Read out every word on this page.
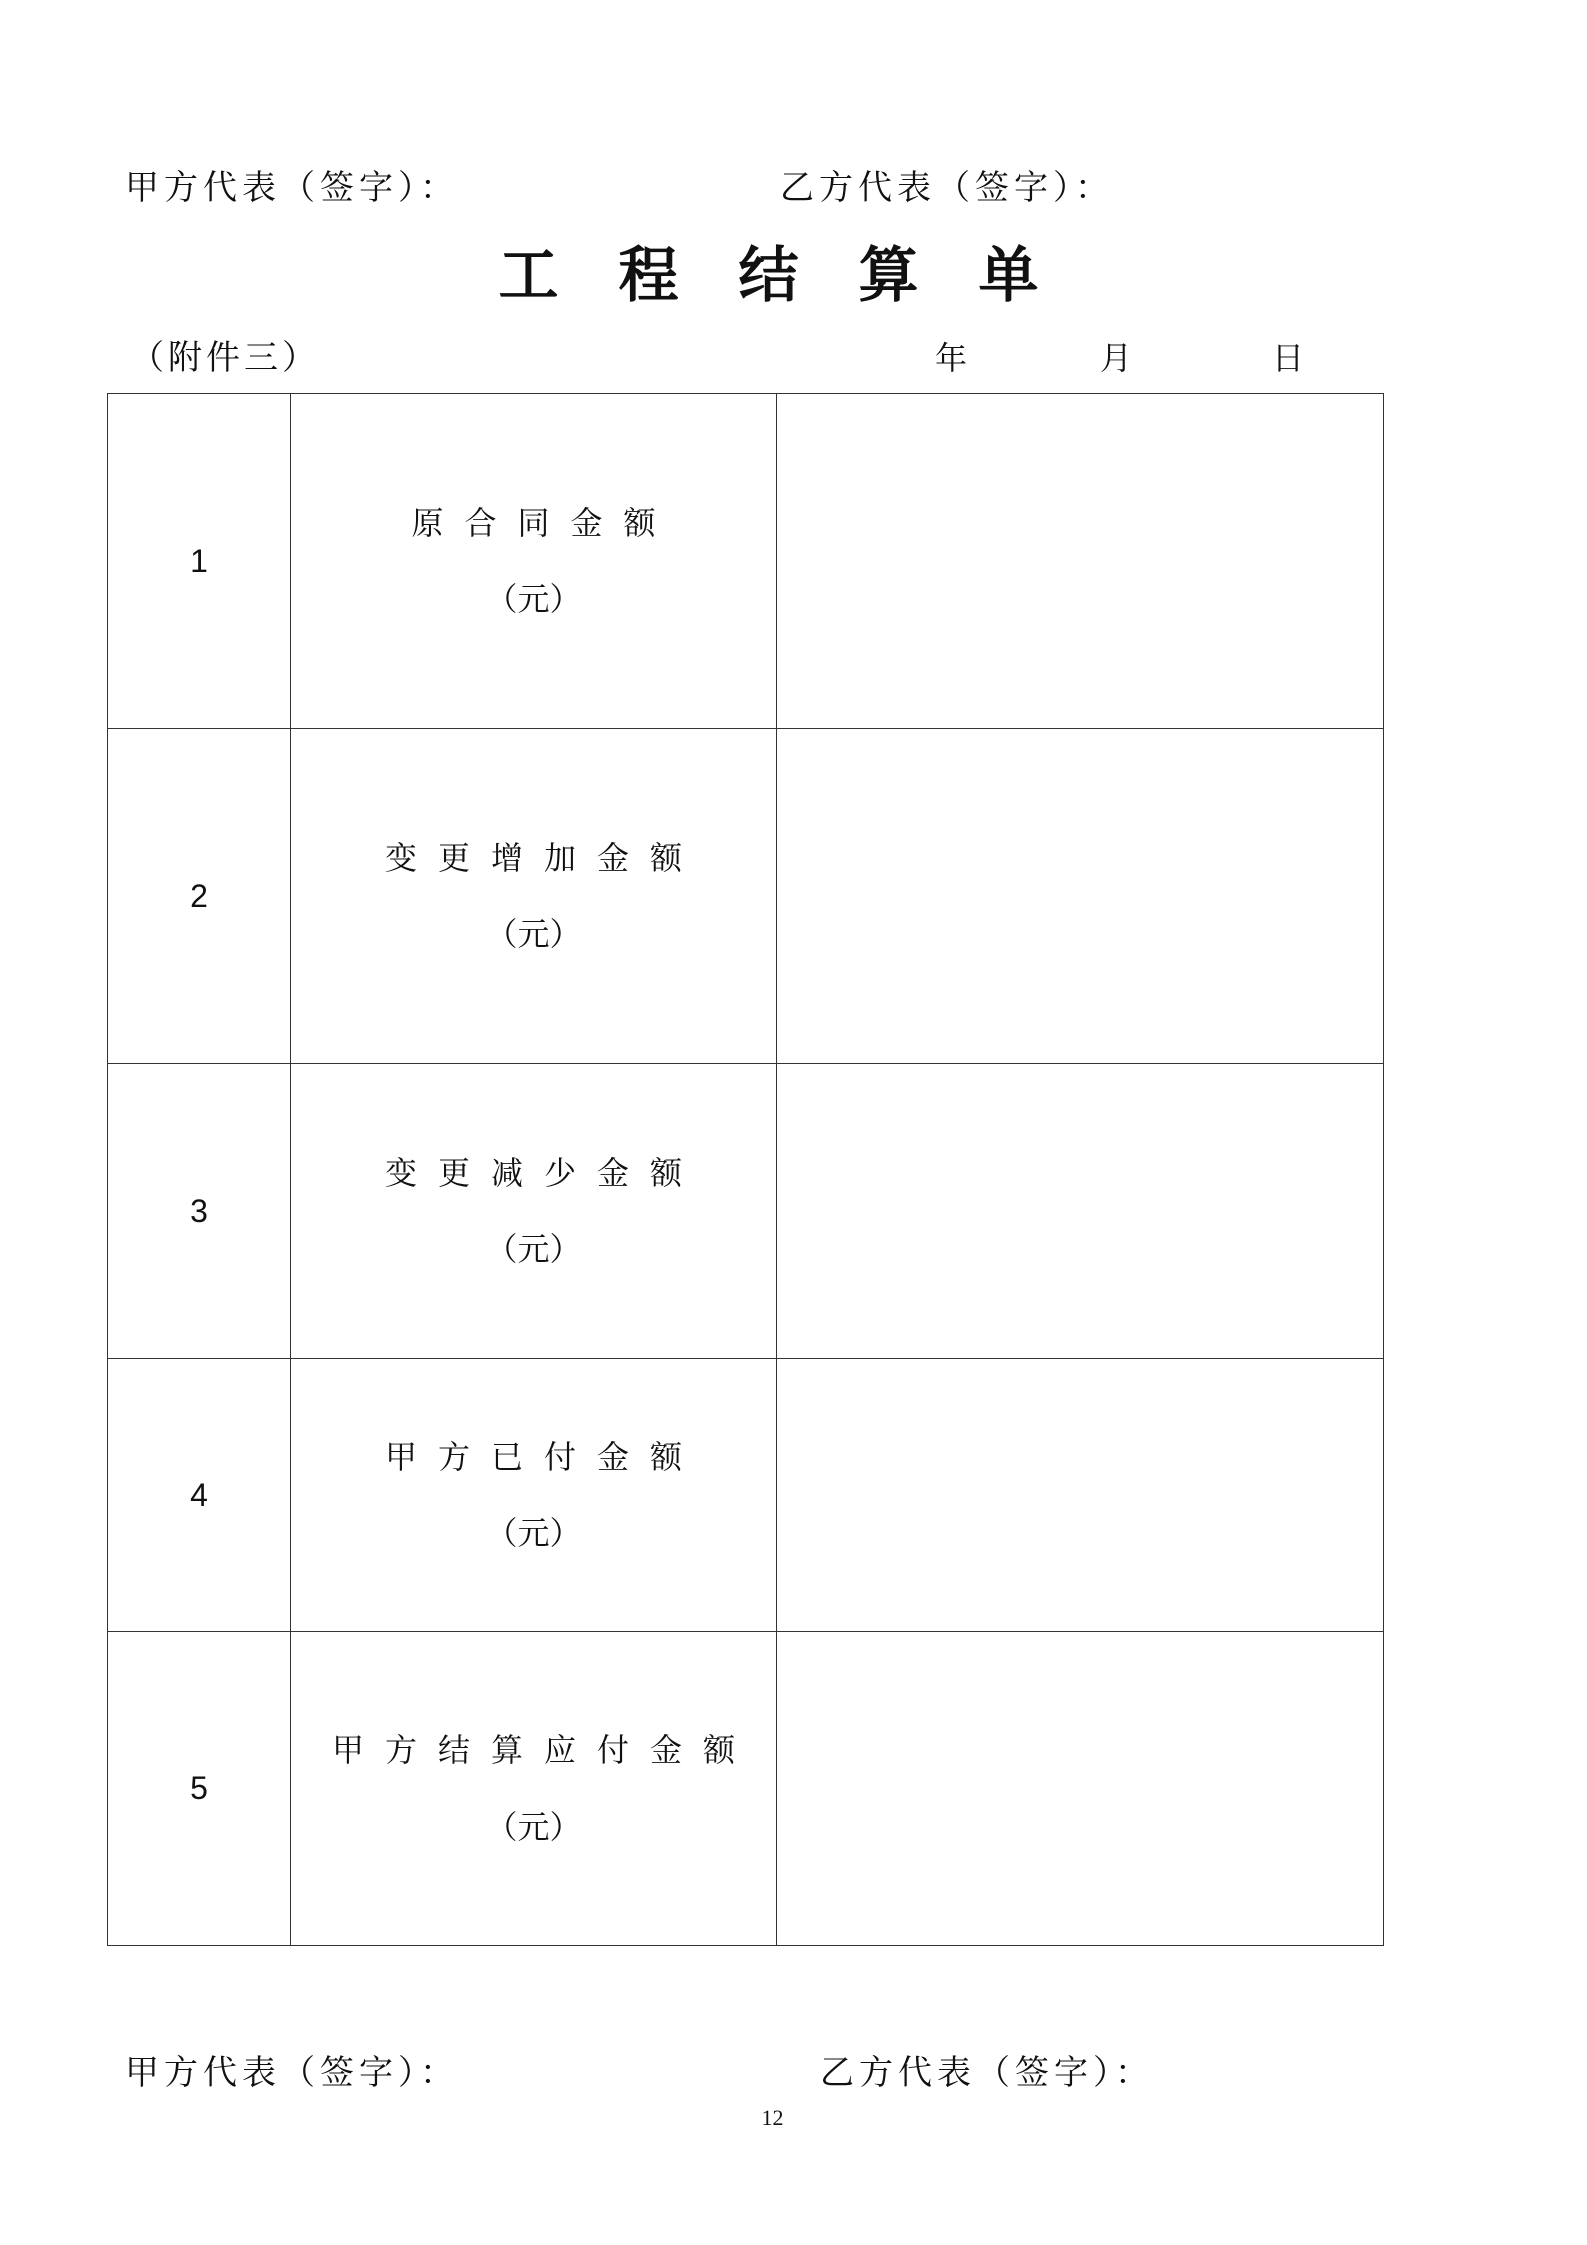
甲方代表（签字）：	乙方代表（签字）：
工程结算单
（附件三）	年	月	日
1	原合同金额
（元）	

2	变更增加金额
（元）	

3	变更减少金额
（元）	

4	甲方已付金额
（元）	

5	甲方结算应付金额
（元）	

甲方代表（签字）：	乙方代表（签字）：
12
